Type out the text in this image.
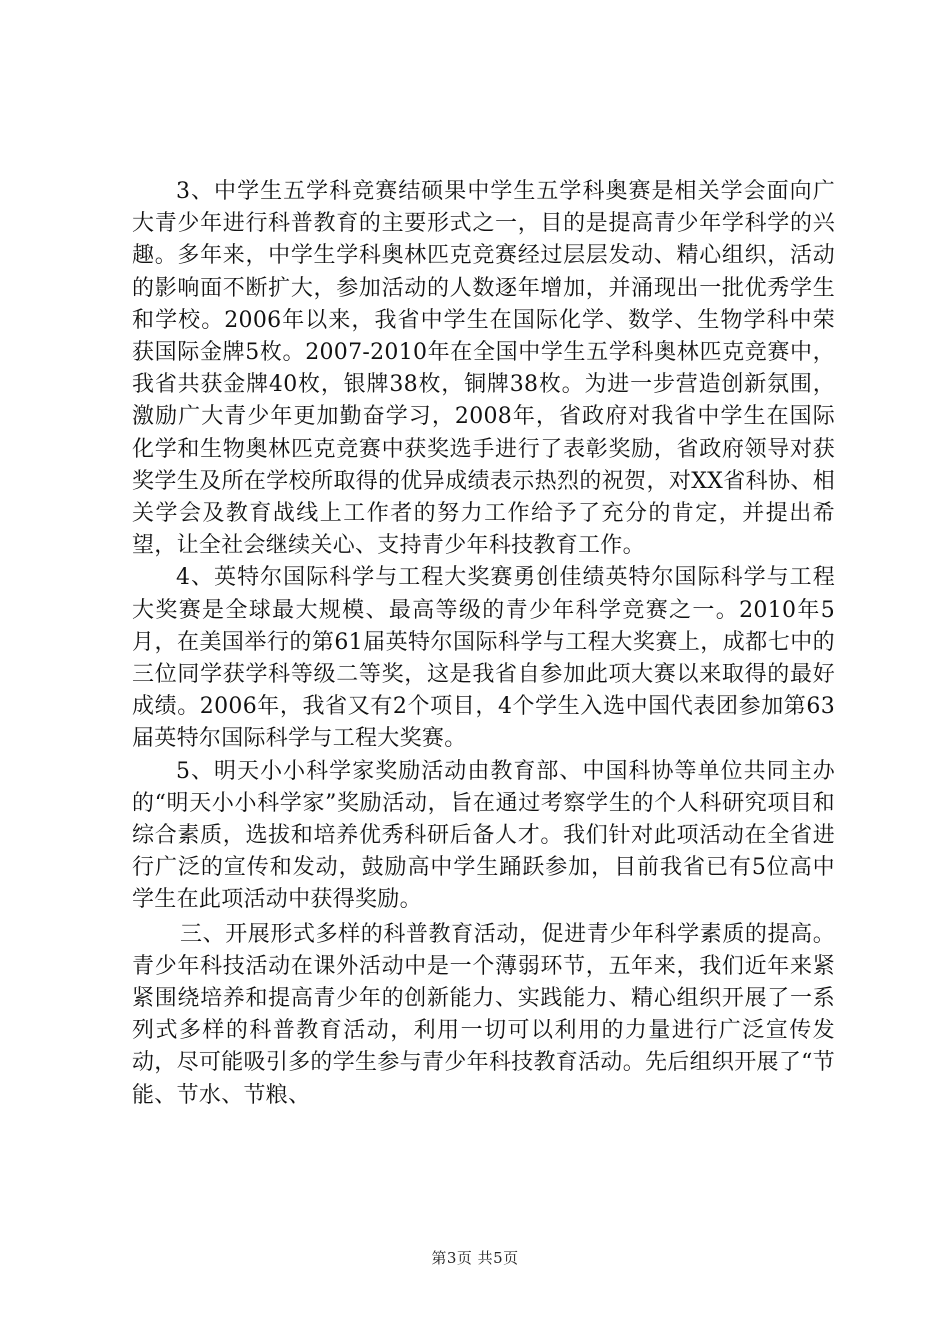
3、中学生五学科竞赛结硕果中学生五学科奥赛是相关学会面向广大青少年进行科普教育的主要形式之一，目的是提高青少年学科学的兴趣。多年来，中学生学科奥林匹克竞赛经过层层发动、精心组织，活动的影响面不断扩大，参加活动的人数逐年增加，并涌现出一批优秀学生和学校。2006年以来，我省中学生在国际化学、数学、生物学科中荣获国际金牌5枚。2007-2010年在全国中学生五学科奥林匹克竞赛中，我省共获金牌40枚，银牌38枚，铜牌38枚。为进一步营造创新氛围，激励广大青少年更加勤奋学习，2008年，省政府对我省中学生在国际化学和生物奥林匹克竞赛中获奖选手进行了表彰奖励，省政府领导对获奖学生及所在学校所取得的优异成绩表示热烈的祝贺，对XX省科协、相关学会及教育战线上工作者的努力工作给予了充分的肯定，并提出希望，让全社会继续关心、支持青少年科技教育工作。

4、英特尔国际科学与工程大奖赛勇创佳绩英特尔国际科学与工程大奖赛是全球最大规模、最高等级的青少年科学竞赛之一。2010年5月，在美国举行的第61届英特尔国际科学与工程大奖赛上，成都七中的三位同学获学科等级二等奖，这是我省自参加此项大赛以来取得的最好成绩。2006年，我省又有2个项目，4个学生入选中国代表团参加第63届英特尔国际科学与工程大奖赛。

5、明天小小科学家奖励活动由教育部、中国科协等单位共同主办的“明天小小科学家”奖励活动，旨在通过考察学生的个人科研究项目和综合素质，选拔和培养优秀科研后备人才。我们针对此项活动在全省进行广泛的宣传和发动，鼓励高中学生踊跃参加，目前我省已有5位高中学生在此项活动中获得奖励。

三、开展形式多样的科普教育活动，促进青少年科学素质的提高。青少年科技活动在课外活动中是一个薄弱环节，五年来，我们近年来紧紧围绕培养和提高青少年的创新能力、实践能力、精心组织开展了一系列式多样的科普教育活动，利用一切可以利用的力量进行广泛宣传发动，尽可能吸引多的学生参与青少年科技教育活动。先后组织开展了“节能、节水、节粮、

第3页 共5页
